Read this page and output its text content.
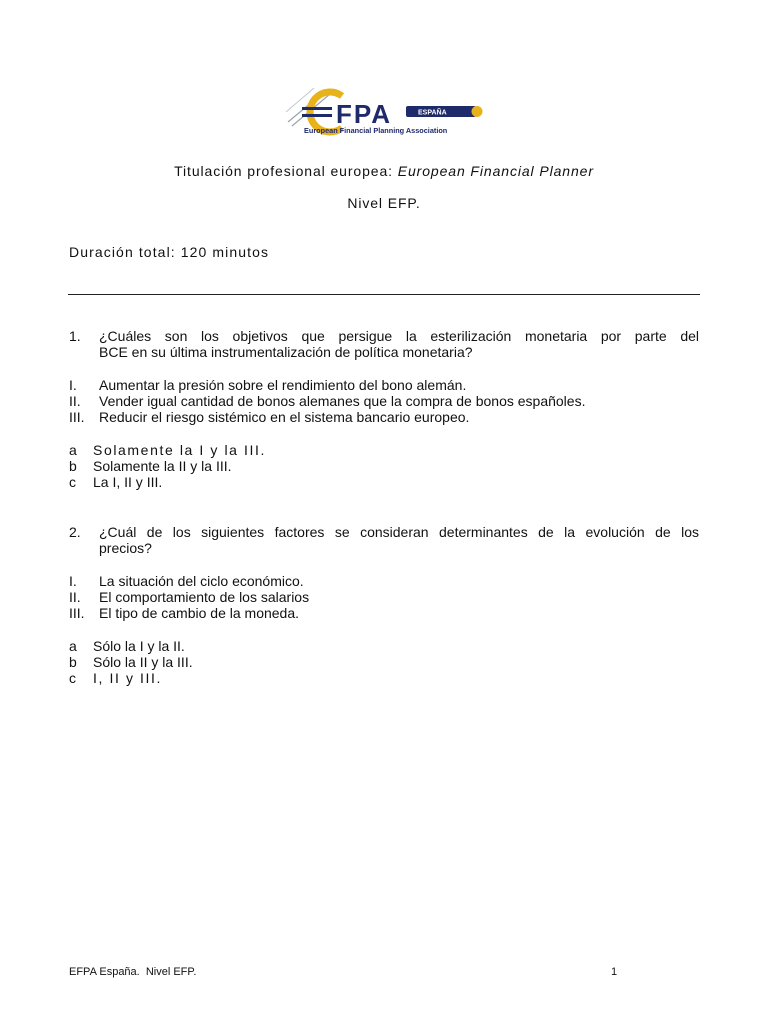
FPA	ESPAÑA
European Financial Planning Association
Titulación profesional europea: European Financial Planner
Nivel EFP.
Duración total: 120 minutos
1.	¿Cuáles son los objetivos que persigue la esterilización monetaria por parte del
BCE en su última instrumentalización de política monetaria?
I.	Aumentar la presión sobre el rendimiento del bono alemán.
II.	Vender igual cantidad de bonos alemanes que la compra de bonos españoles.
III.	Reducir el riesgo sistémico en el sistema bancario europeo.
a	Solamente la I y la III.
b	Solamente la II y la III.
c	La I, II y III.
2.	¿Cuál de los siguientes factores se consideran determinantes de la evolución de los
precios?
I.	La situación del ciclo económico.
II.	El comportamiento de los salarios
III.	El tipo de cambio de la moneda.
a	Sólo la I y la II.
b	Sólo la II y la III.
c	I, II y III.
EFPA España.  Nivel EFP.	1
